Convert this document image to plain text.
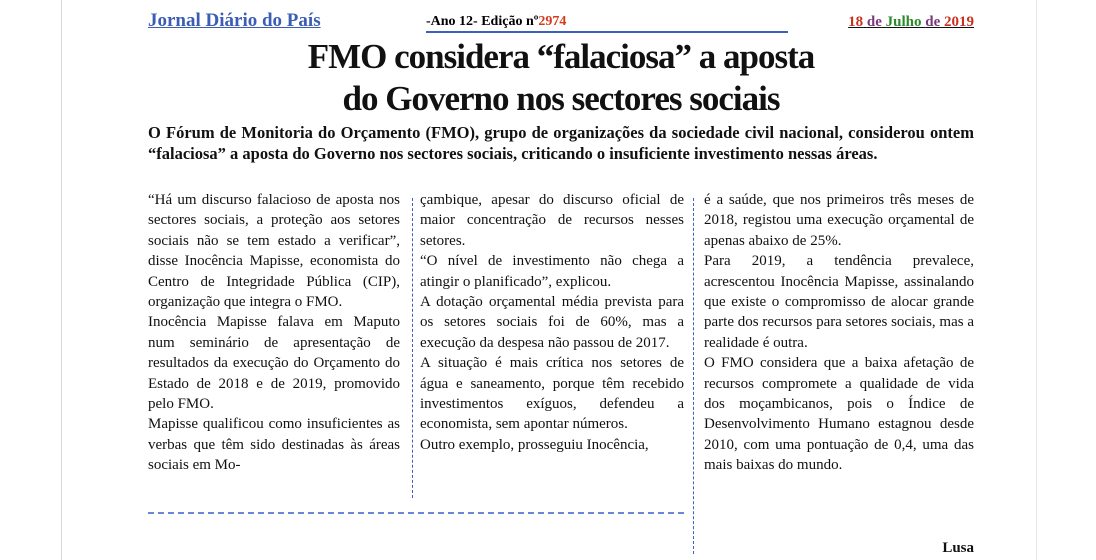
Jornal Diário do País	-Ano 12- Edição nº2974	18 de Julho de 2019
FMO considera “falaciosa” a aposta
do Governo nos sectores sociais
O Fórum de Monitoria do Orçamento (FMO), grupo de organizações da sociedade civil nacional, considerou ontem “falaciosa” a aposta do Governo nos sectores sociais, criticando o insuficiente investimento nessas áreas.

“Há um discurso falacioso de aposta nos sectores sociais, a proteção aos setores sociais não se tem estado a verificar”, disse Inocência Mapisse, economista do Centro de Integridade Pública (CIP), organização que integra o FMO.

Inocência Mapisse falava em Maputo num seminário de apresentação de resultados da execução do Orçamento do Estado de 2018 e de 2019, promovido pelo FMO.

Mapisse qualificou como insuficientes as verbas que têm sido destinadas às áreas sociais em Mo-

çambique, apesar do discurso oficial de maior concentração de recursos nesses setores.

“O nível de investimento não chega a atingir o planificado”, explicou.

A dotação orçamental média prevista para os setores sociais foi de 60%, mas a execução da despesa não passou de 2017.

A situação é mais crítica nos setores de água e saneamento, porque têm recebido investimentos exíguos, defendeu a economista, sem apontar números.

Outro exemplo, prosseguiu Inocência,

é a saúde, que nos primeiros três meses de 2018, registou uma execução orçamental de apenas abaixo de 25%.

Para 2019, a tendência prevalece, acrescentou Inocência Mapisse, assinalando que existe o compromisso de alocar grande parte dos recursos para setores sociais, mas a realidade é outra.

O FMO considera que a baixa afetação de recursos compromete a qualidade de vida dos moçambicanos, pois o Índice de Desenvolvimento Humano estagnou desde 2010, com uma pontuação de 0,4, uma das mais baixas do mundo.

Lusa
